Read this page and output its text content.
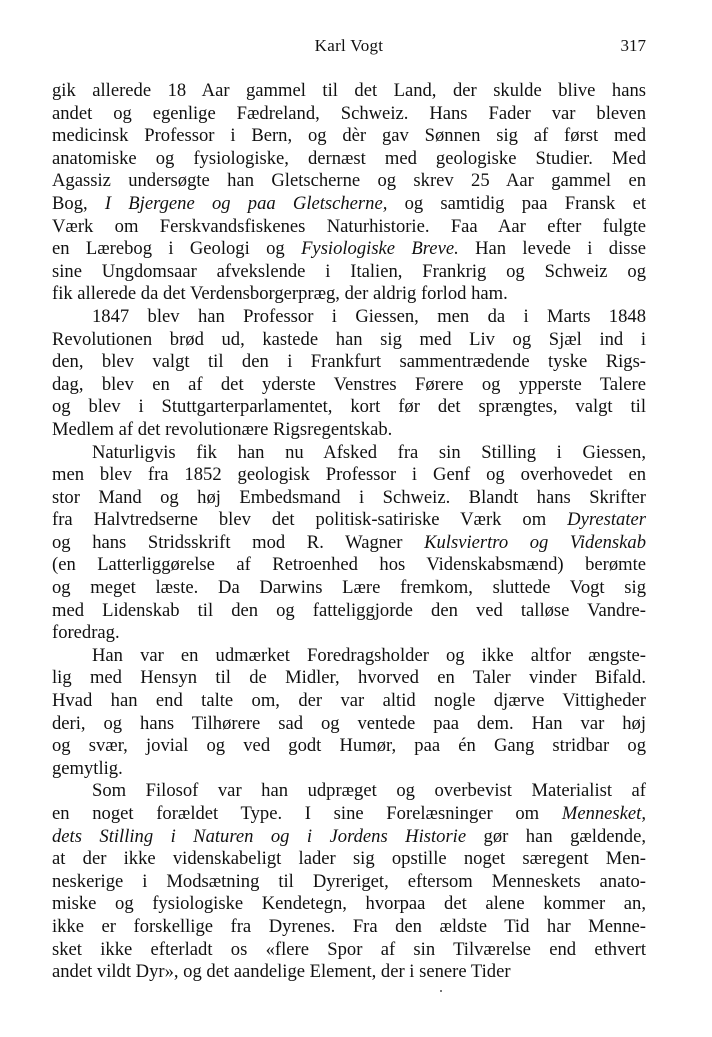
Karl Vogt	317
gik allerede 18 Aar gammel til det Land, der skulde blive hans
andet og egenlige Fædreland, Schweiz. Hans Fader var bleven
medicinsk Professor i Bern, og dèr gav Sønnen sig af først med
anatomiske og fysiologiske, dernæst med geologiske Studier. Med
Agassiz undersøgte han Gletscherne og skrev 25 Aar gammel en
Bog, I Bjergene og paa Gletscherne, og samtidig paa Fransk et
Værk om Ferskvandsfiskenes Naturhistorie. Faa Aar efter fulgte
en Lærebog i Geologi og Fysiologiske Breve. Han levede i disse
sine Ungdomsaar afvekslende i Italien, Frankrig og Schweiz og
fik allerede da det Verdensborgerpræg, der aldrig forlod ham.
1847 blev han Professor i Giessen, men da i Marts 1848
Revolutionen brød ud, kastede han sig med Liv og Sjæl ind i
den, blev valgt til den i Frankfurt sammentrædende tyske Rigs-
dag, blev en af det yderste Venstres Førere og ypperste Talere
og blev i Stuttgarterparlamentet, kort før det sprængtes, valgt til
Medlem af det revolutionære Rigsregentskab.
Naturligvis fik han nu Afsked fra sin Stilling i Giessen,
men blev fra 1852 geologisk Professor i Genf og overhovedet en
stor Mand og høj Embedsmand i Schweiz. Blandt hans Skrifter
fra Halvtredserne blev det politisk-satiriske Værk om Dyrestater
og hans Stridsskrift mod R. Wagner Kulsviertro og Videnskab
(en Latterliggørelse af Retroenhed hos Videnskabsmænd) berømte
og meget læste. Da Darwins Lære fremkom, sluttede Vogt sig
med Lidenskab til den og fatteliggjorde den ved talløse Vandre-
foredrag.
Han var en udmærket Foredragsholder og ikke altfor ængste-
lig med Hensyn til de Midler, hvorved en Taler vinder Bifald.
Hvad han end talte om, der var altid nogle djærve Vittigheder
deri, og hans Tilhørere sad og ventede paa dem. Han var høj
og svær, jovial og ved godt Humør, paa én Gang stridbar og
gemytlig.
Som Filosof var han udpræget og overbevist Materialist af
en noget forældet Type. I sine Forelæsninger om Mennesket,
dets Stilling i Naturen og i Jordens Historie gør han gældende,
at der ikke videnskabeligt lader sig opstille noget særegent Men-
neskerige i Modsætning til Dyreriget, eftersom Menneskets anato-
miske og fysiologiske Kendetegn, hvorpaa det alene kommer an,
ikke er forskellige fra Dyrenes. Fra den ældste Tid har Menne-
sket ikke efterladt os «flere Spor af sin Tilværelse end ethvert
andet vildt Dyr», og det aandelige Element, der i senere Tider
